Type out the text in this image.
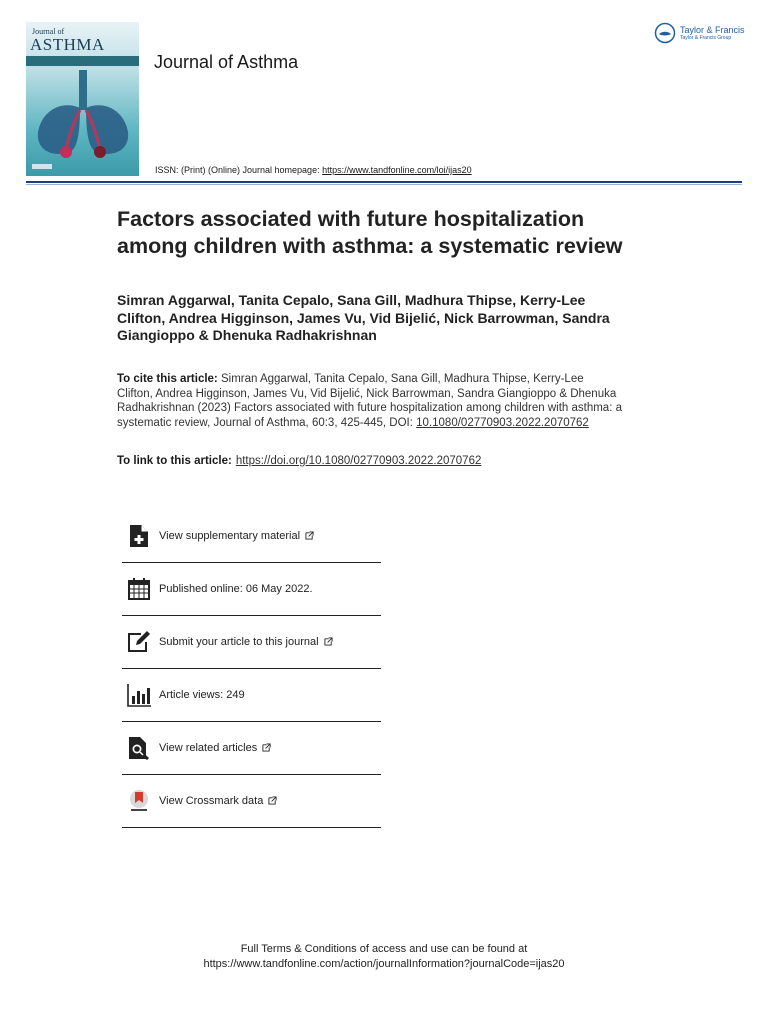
Journal of
ASTHMA
Journal of Asthma
Taylor & Francis
Taylor & Francis Group
ISSN: (Print) (Online) Journal homepage: https://www.tandfonline.com/loi/ijas20
Factors associated with future hospitalization
among children with asthma: a systematic review
Simran Aggarwal, Tanita Cepalo, Sana Gill, Madhura Thipse, Kerry-Lee Clifton, Andrea Higginson, James Vu, Vid Bijelić, Nick Barrowman, Sandra Giangioppo & Dhenuka Radhakrishnan
To cite this article: Simran Aggarwal, Tanita Cepalo, Sana Gill, Madhura Thipse, Kerry-Lee Clifton, Andrea Higginson, James Vu, Vid Bijelić, Nick Barrowman, Sandra Giangioppo & Dhenuka Radhakrishnan (2023) Factors associated with future hospitalization among children with asthma: a systematic review, Journal of Asthma, 60:3, 425-445, DOI: 10.1080/02770903.2022.2070762
To link to this article: https://doi.org/10.1080/02770903.2022.2070762
View supplementary material
Published online: 06 May 2022.
Submit your article to this journal
Article views: 249
View related articles
View Crossmark data
Full Terms & Conditions of access and use can be found at
https://www.tandfonline.com/action/journalInformation?journalCode=ijas20
